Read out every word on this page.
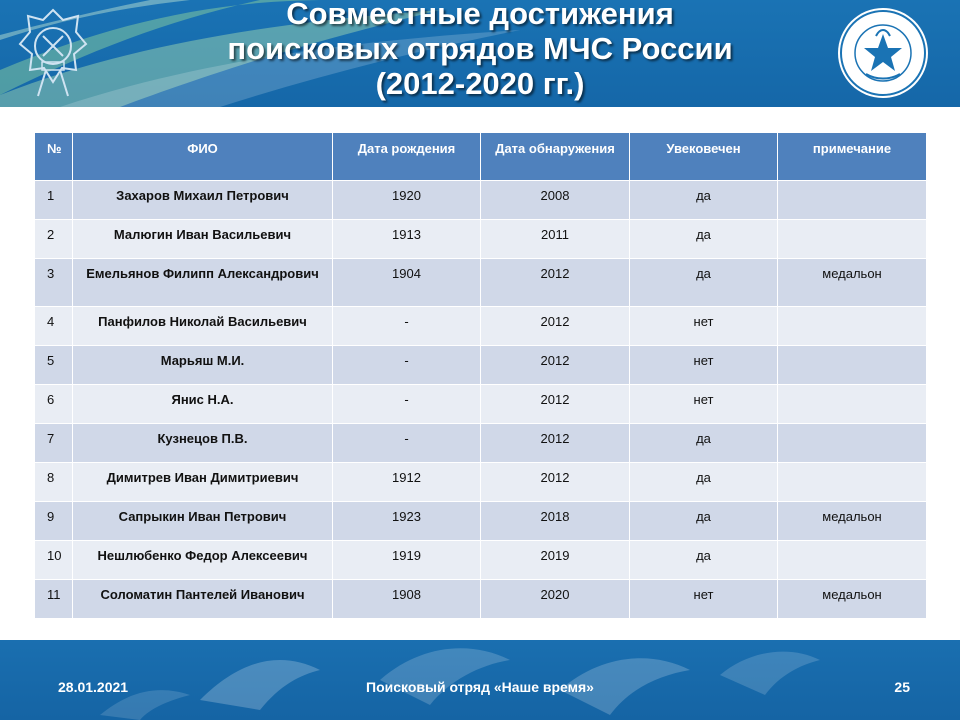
Совместные достижения
поисковых отрядов МЧС России
(2012-2020 гг.)
№	ФИО	Дата рождения	Дата обнаружения	Увековечен	примечание
1	Захаров Михаил Петрович	1920	2008	да	
2	Малюгин Иван Васильевич	1913	2011	да	
3	Емельянов Филипп Александрович	1904	2012	да	медальон
4	Панфилов Николай Васильевич	-	2012	нет	
5	Марьяш М.И.	-	2012	нет	
6	Янис Н.А.	-	2012	нет	
7	Кузнецов П.В.	-	2012	да	
8	Димитрев Иван Димитриевич	1912	2012	да	
9	Сапрыкин Иван Петрович	1923	2018	да	медальон
10	Нешлюбенко Федор Алексеевич	1919	2019	да	
11	Соломатин Пантелей Иванович	1908	2020	нет	медальон
28.01.2021	Поисковый отряд «Наше время»	25
